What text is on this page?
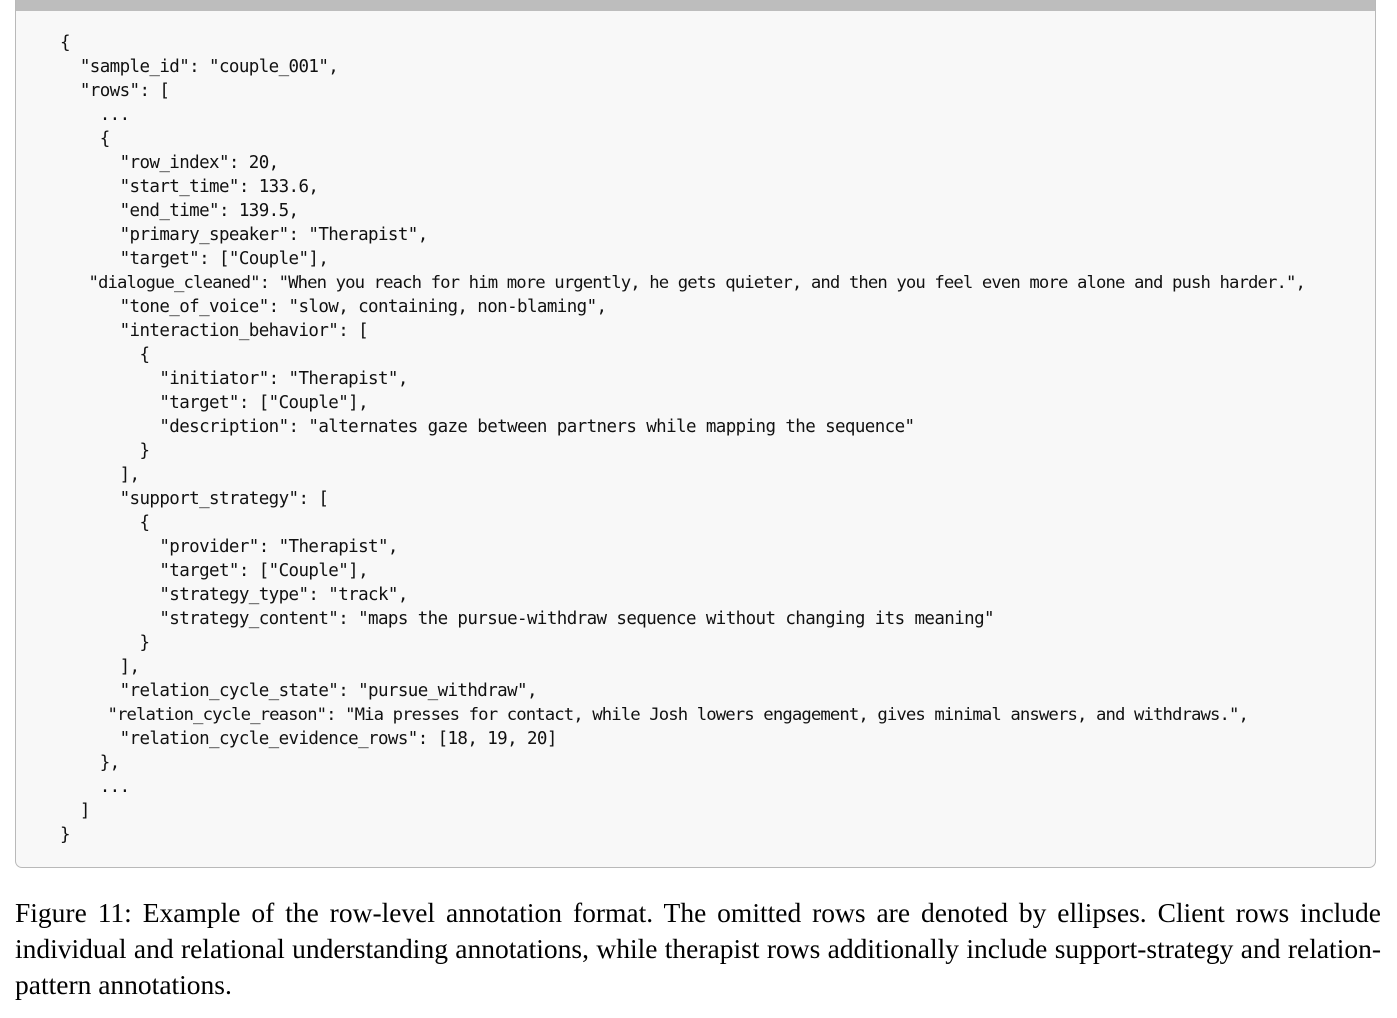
{
"sample_id": "couple_001",
"rows": [
...
{
"row_index": 20,
"start_time": 133.6,
"end_time": 139.5,
"primary_speaker": "Therapist",
"target": ["Couple"],
"dialogue_cleaned": "When you reach for him more urgently, he gets quieter, and then you feel even more alone and push harder.",
"tone_of_voice": "slow, containing, non-blaming",
"interaction_behavior": [
{
"initiator": "Therapist",
"target": ["Couple"],
"description": "alternates gaze between partners while mapping the sequence"
}
],
"support_strategy": [
{
"provider": "Therapist",
"target": ["Couple"],
"strategy_type": "track",
"strategy_content": "maps the pursue-withdraw sequence without changing its meaning"
}
],
"relation_cycle_state": "pursue_withdraw",
"relation_cycle_reason": "Mia presses for contact, while Josh lowers engagement, gives minimal answers, and withdraws.",
"relation_cycle_evidence_rows": [18, 19, 20]
},
...
]
}
Figure 11: Example of the row-level annotation format. The omitted rows are denoted by ellipses. Client rows include individual and relational understanding annotations, while therapist rows additionally include support-strategy and relation-pattern annotations.
